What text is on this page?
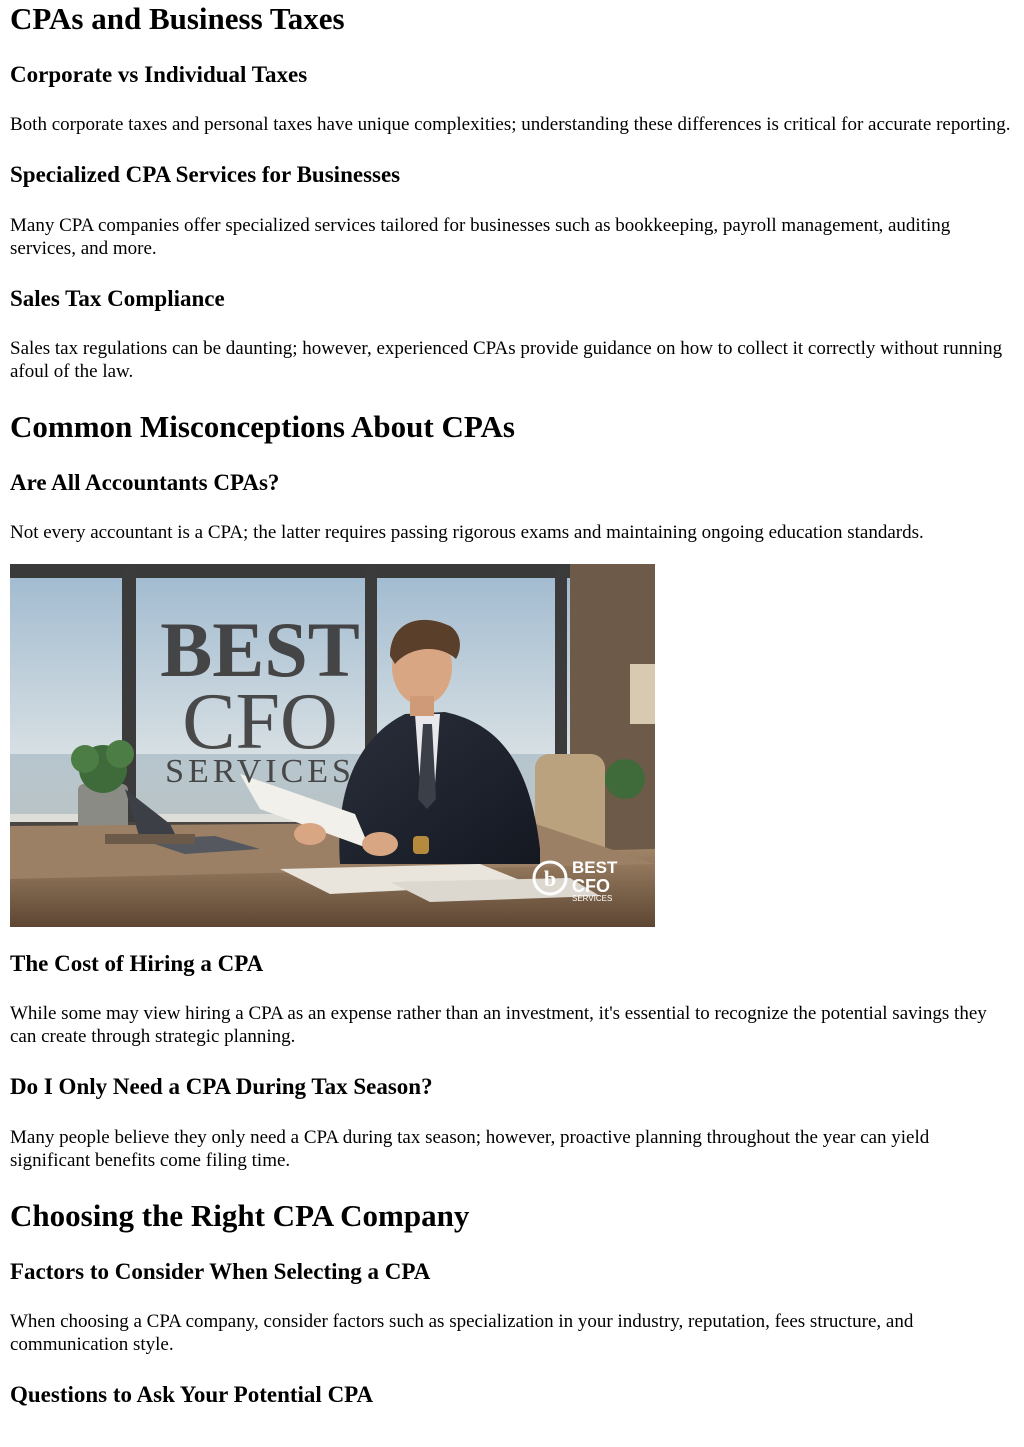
CPAs and Business Taxes
Corporate vs Individual Taxes

Both corporate taxes and personal taxes have unique complexities; understanding these differences is critical for accurate reporting.

Specialized CPA Services for Businesses

Many CPA companies offer specialized services tailored for businesses such as bookkeeping, payroll management, auditing services, and more.

Sales Tax Compliance

Sales tax regulations can be daunting; however, experienced CPAs provide guidance on how to collect it correctly without running afoul of the law.

Common Misconceptions About CPAs
Are All Accountants CPAs?

Not every accountant is a CPA; the latter requires passing rigorous exams and maintaining ongoing education standards.

BEST
CFO
SERVICES
b BEST
CFO
SERVICES
The Cost of Hiring a CPA

While some may view hiring a CPA as an expense rather than an investment, it's essential to recognize the potential savings they can create through strategic planning.

Do I Only Need a CPA During Tax Season?

Many people believe they only need a CPA during tax season; however, proactive planning throughout the year can yield significant benefits come filing time.

Choosing the Right CPA Company
Factors to Consider When Selecting a CPA

When choosing a CPA company, consider factors such as specialization in your industry, reputation, fees structure, and communication style.

Questions to Ask Your Potential CPA
